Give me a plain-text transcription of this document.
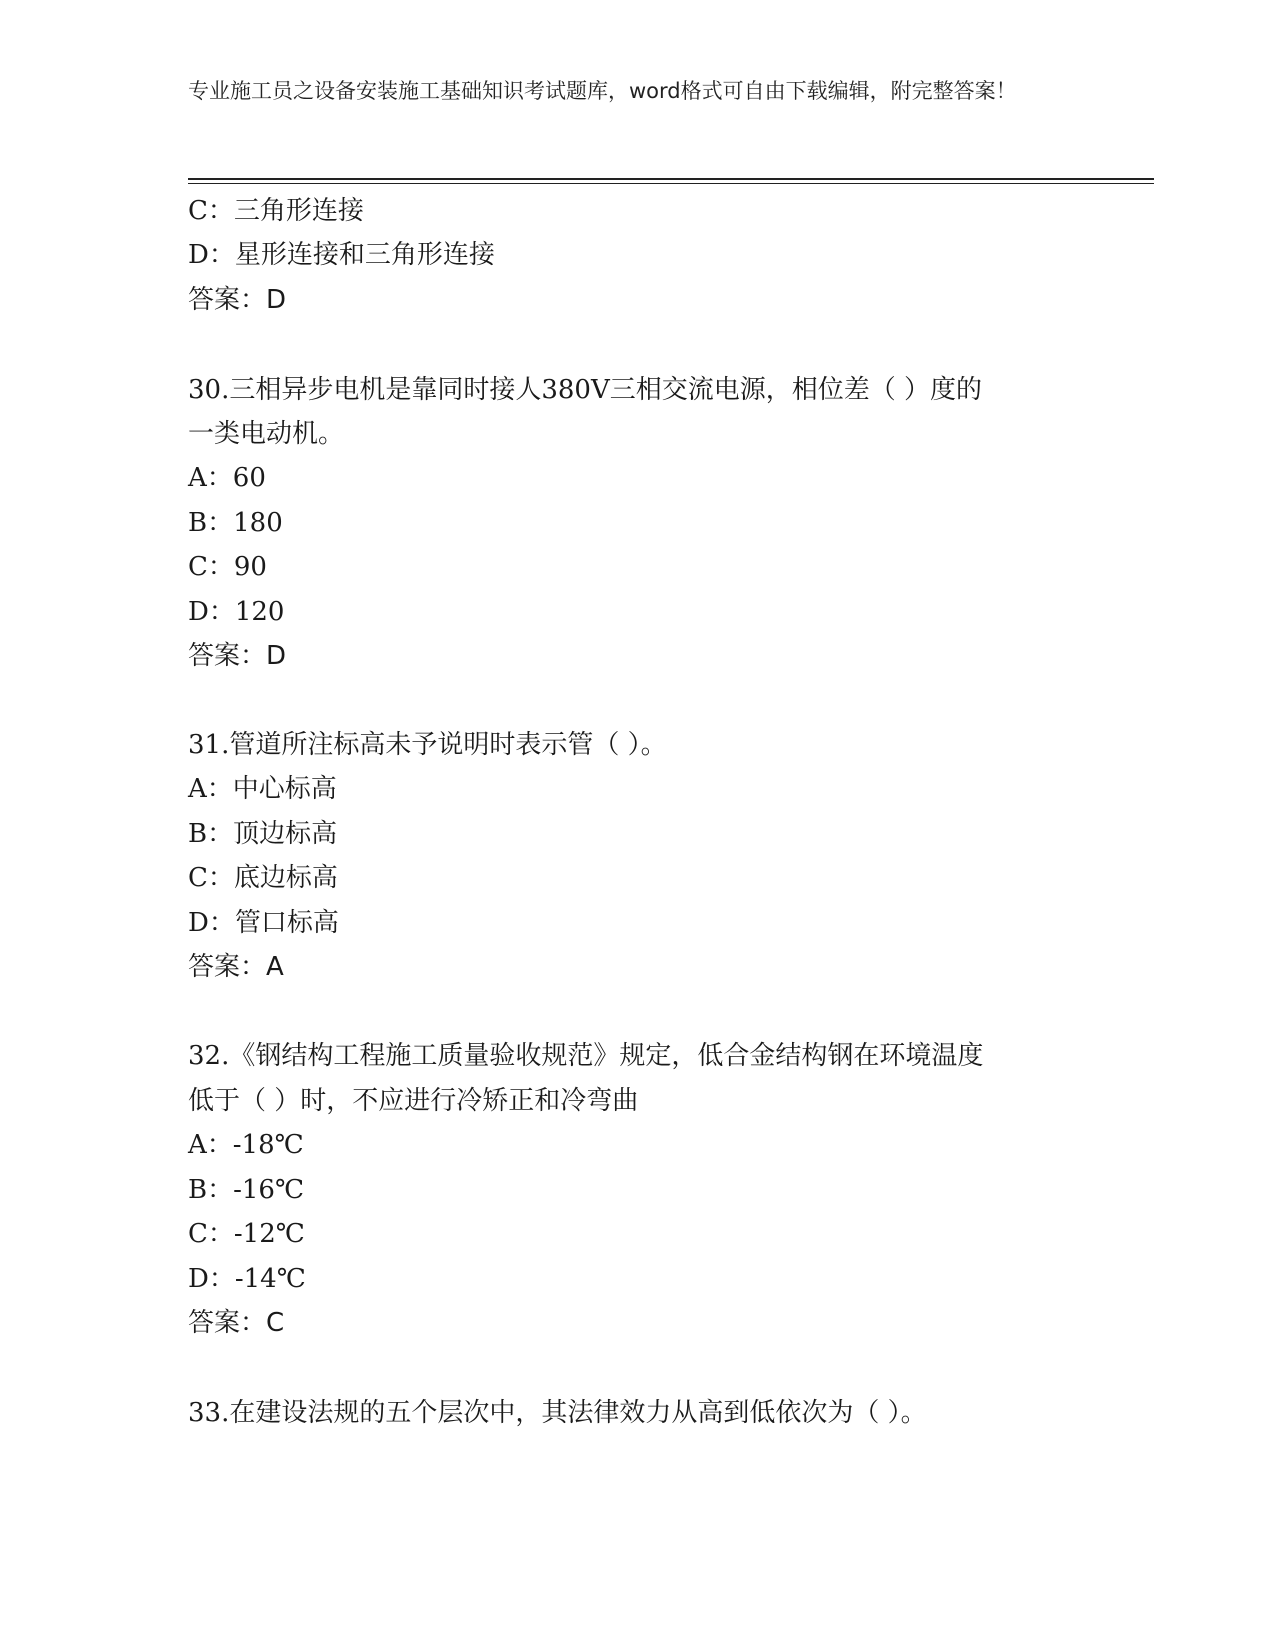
专业施工员之设备安装施工基础知识考试题库，word格式可自由下载编辑，附完整答案！
C：三角形连接
D：星形连接和三角形连接
答案：D
30.三相异步电机是靠同时接人380V三相交流电源，相位差（ ）度的
一类电动机。
A：60
B：180
C：90
D：120
答案：D
31.管道所注标高未予说明时表示管（ ）。
A：中心标高
B：顶边标高
C：底边标高
D：管口标高
答案：A
32.《钢结构工程施工质量验收规范》规定，低合金结构钢在环境温度
低于（ ）时，不应进行冷矫正和冷弯曲
A：-18℃
B：-16℃
C：-12℃
D：-14℃
答案：C
33.在建设法规的五个层次中，其法律效力从高到低依次为（ ）。
